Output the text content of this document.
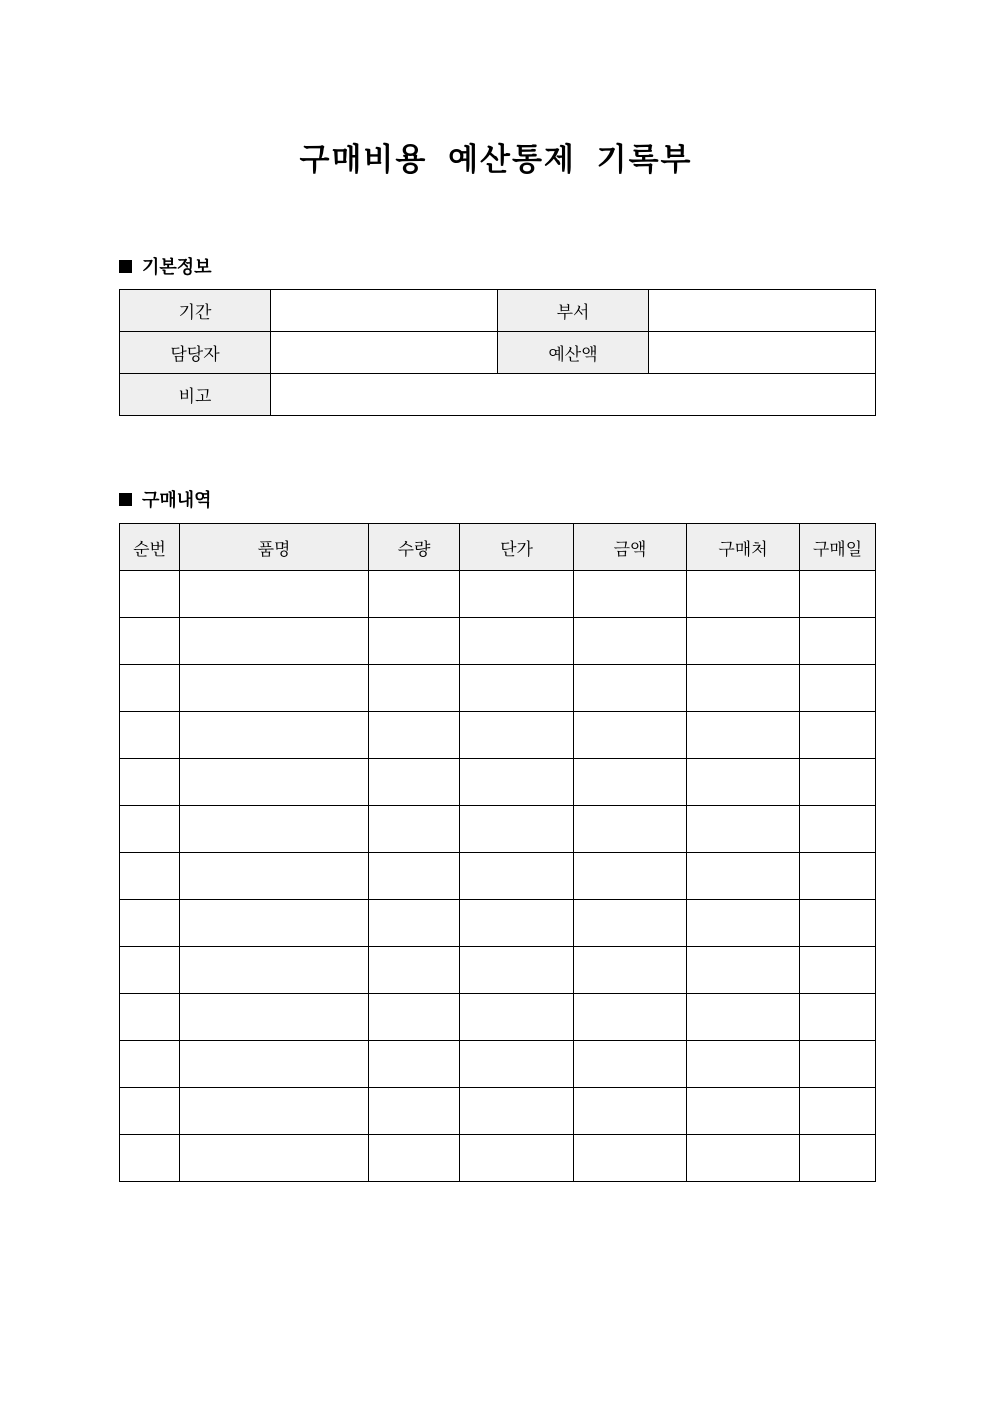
구매비용 예산통제 기록부
기본정보
기간		부서	
담당자		예산액	
비고			
구매내역
순번	품명	수량	단가	금액	구매처	구매일
